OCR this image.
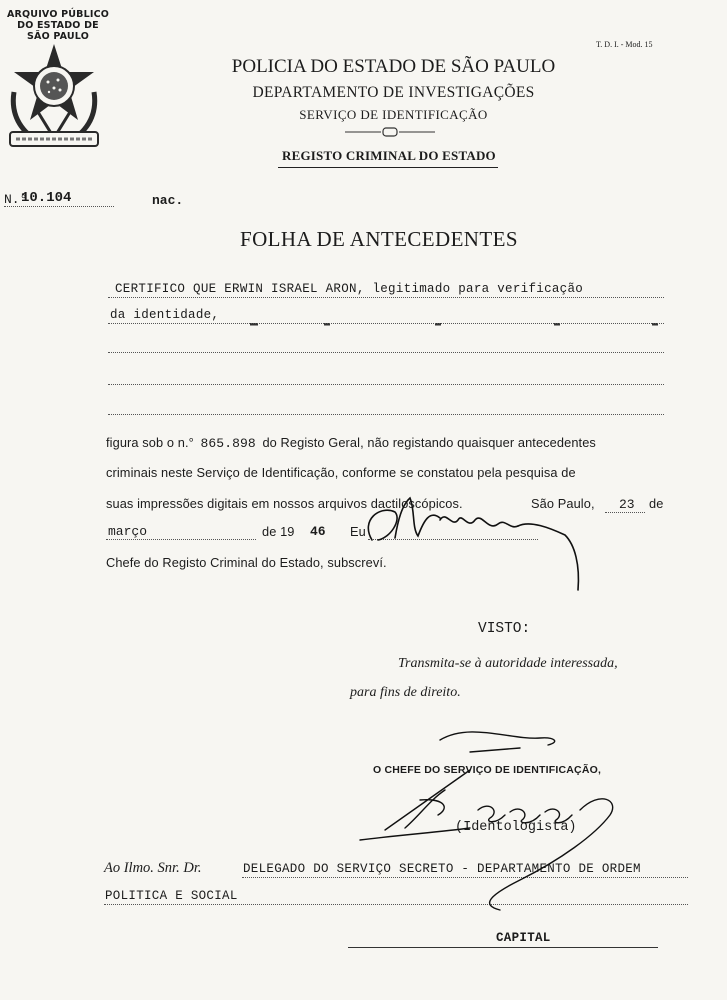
ARQUIVO PÚBLICO
DO ESTADO DE
SÃO PAULO
T. D. I. - Mod. 15
POLICIA DO ESTADO DE SÃO PAULO
DEPARTAMENTO DE INVESTIGAÇÕES
SERVIÇO DE IDENTIFICAÇÃO
REGISTO CRIMINAL DO ESTADO
N.°
10.104	nac.
FOLHA DE ANTECEDENTES
CERTIFICO QUE ERWIN ISRAEL ARON, legitimado para verificação
da identidade,
figura sob o n.° 865.898 do Registo Geral, não registando quaisquer antecedentes
criminais neste Serviço de Identificação, conforme se constatou pela pesquisa de
suas impressões digitais em nossos arquivos dactiloscópicos.	São Paulo, 23 de
março	de 19 46 Eu
Chefe do Registo Criminal do Estado, subscreví.
VISTO:
Transmita-se à autoridade interessada,
para fins de direito.
O CHEFE DO SERVIÇO DE IDENTIFICAÇÃO,
(Identologista)
Ao Ilmo. Snr. Dr.	DELEGADO DO SERVIÇO SECRETO - DEPARTAMENTO DE ORDEM
POLITICA E SOCIAL
CAPITAL
